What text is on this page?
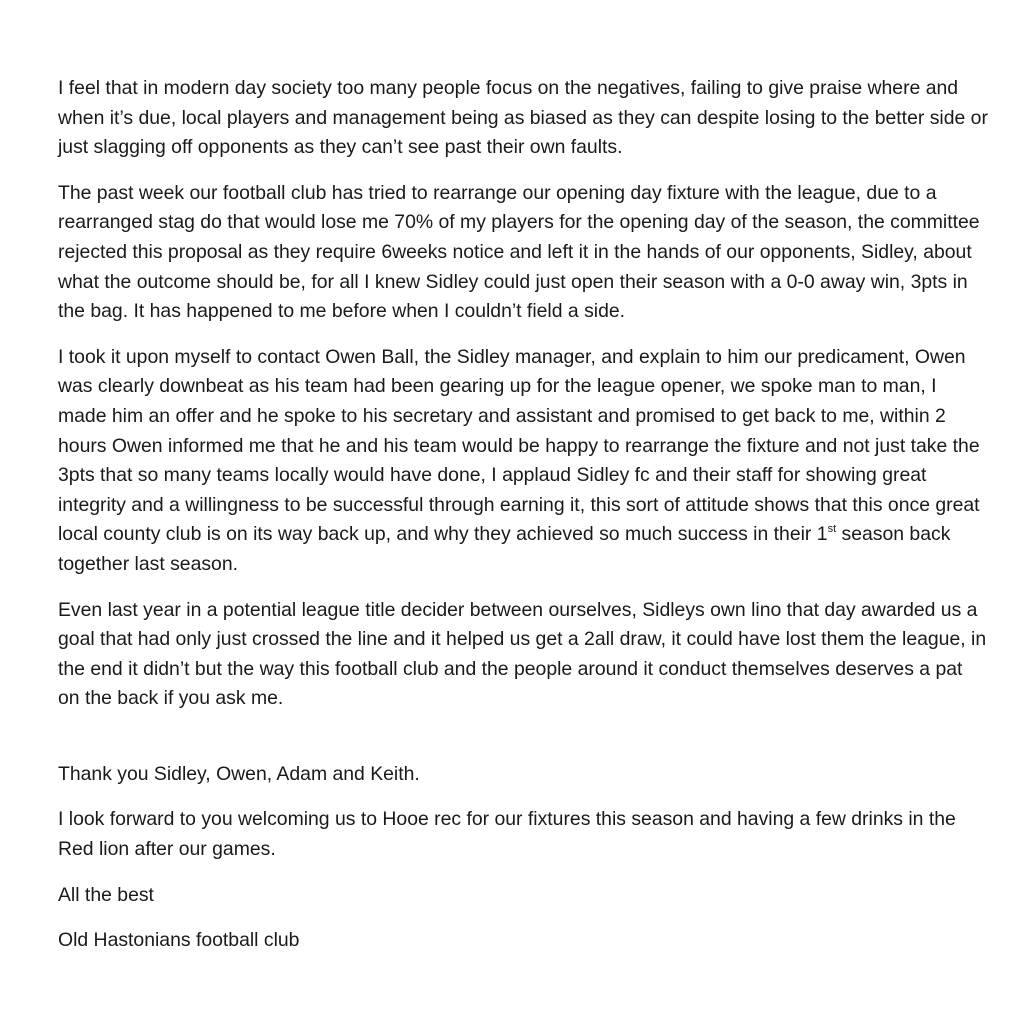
I feel that in modern day society too many people focus on the negatives, failing to give praise where and when it’s due, local players and management being as biased as they can despite losing to the better side or just slagging off opponents as they can’t see past their own faults.

The past week our football club has tried to rearrange our opening day fixture with the league, due to a rearranged stag do that would lose me 70% of my players for the opening day of the season, the committee rejected this proposal as they require 6weeks notice and left it in the hands of our opponents, Sidley, about what the outcome should be, for all I knew Sidley could just open their season with a 0-0 away win, 3pts in the bag. It has happened to me before when I couldn’t field a side.

I took it upon myself to contact Owen Ball, the Sidley manager, and explain to him our predicament, Owen was clearly downbeat as his team had been gearing up for the league opener, we spoke man to man, I made him an offer and he spoke to his secretary and assistant and promised to get back to me, within 2 hours Owen informed me that he and his team would be happy to rearrange the fixture and not just take the 3pts that so many teams locally would have done, I applaud Sidley fc and their staff for showing great integrity and a willingness to be successful through earning it, this sort of attitude shows that this once great local county club is on its way back up, and why they achieved so much success in their 1st season back together last season.

Even last year in a potential league title decider between ourselves, Sidleys own lino that day awarded us a goal that had only just crossed the line and it helped us get a 2all draw, it could have lost them the league, in the end it didn’t but the way this football club and the people around it conduct themselves deserves a pat on the back if you ask me.

Thank you Sidley, Owen, Adam and Keith.

I look forward to you welcoming us to Hooe rec for our fixtures this season and having a few drinks in the Red lion after our games.

All the best

Old Hastonians football club
